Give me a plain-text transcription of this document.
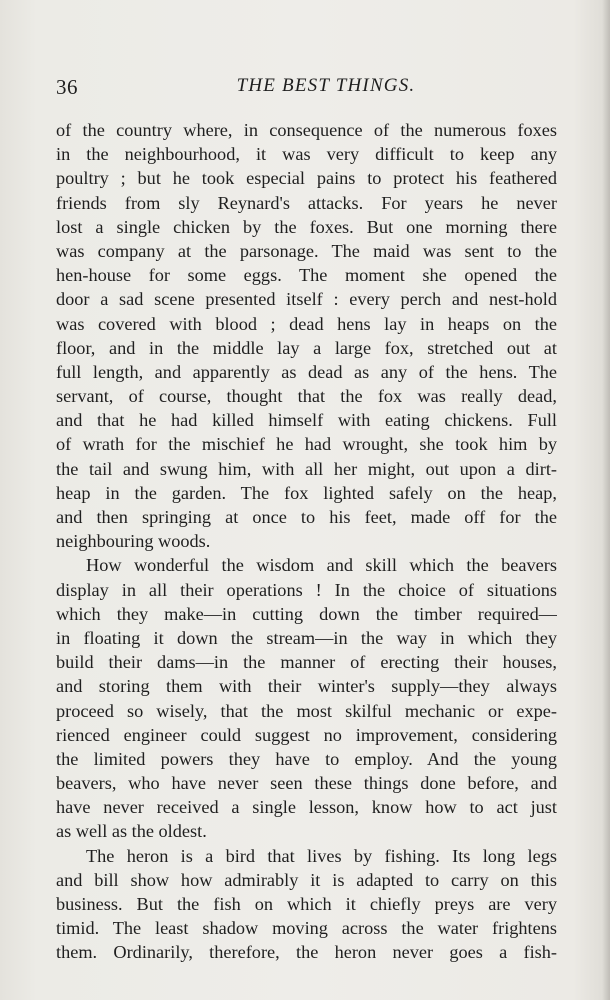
36	THE BEST THINGS.
of the country where, in consequence of the numerous foxes
in the neighbourhood, it was very difficult to keep any
poultry ; but he took especial pains to protect his feathered
friends from sly Reynard's attacks. For years he never
lost a single chicken by the foxes. But one morning there
was company at the parsonage. The maid was sent to the
hen-house for some eggs. The moment she opened the
door a sad scene presented itself : every perch and nest-hold
was covered with blood ; dead hens lay in heaps on the
floor, and in the middle lay a large fox, stretched out at
full length, and apparently as dead as any of the hens. The
servant, of course, thought that the fox was really dead,
and that he had killed himself with eating chickens. Full
of wrath for the mischief he had wrought, she took him by
the tail and swung him, with all her might, out upon a dirt-
heap in the garden. The fox lighted safely on the heap,
and then springing at once to his feet, made off for the
neighbouring woods.
How wonderful the wisdom and skill which the beavers
display in all their operations ! In the choice of situations
which they make—in cutting down the timber required—
in floating it down the stream—in the way in which they
build their dams—in the manner of erecting their houses,
and storing them with their winter's supply—they always
proceed so wisely, that the most skilful mechanic or expe-
rienced engineer could suggest no improvement, considering
the limited powers they have to employ. And the young
beavers, who have never seen these things done before, and
have never received a single lesson, know how to act just
as well as the oldest.
The heron is a bird that lives by fishing. Its long legs
and bill show how admirably it is adapted to carry on this
business. But the fish on which it chiefly preys are very
timid. The least shadow moving across the water frightens
them. Ordinarily, therefore, the heron never goes a fish-
